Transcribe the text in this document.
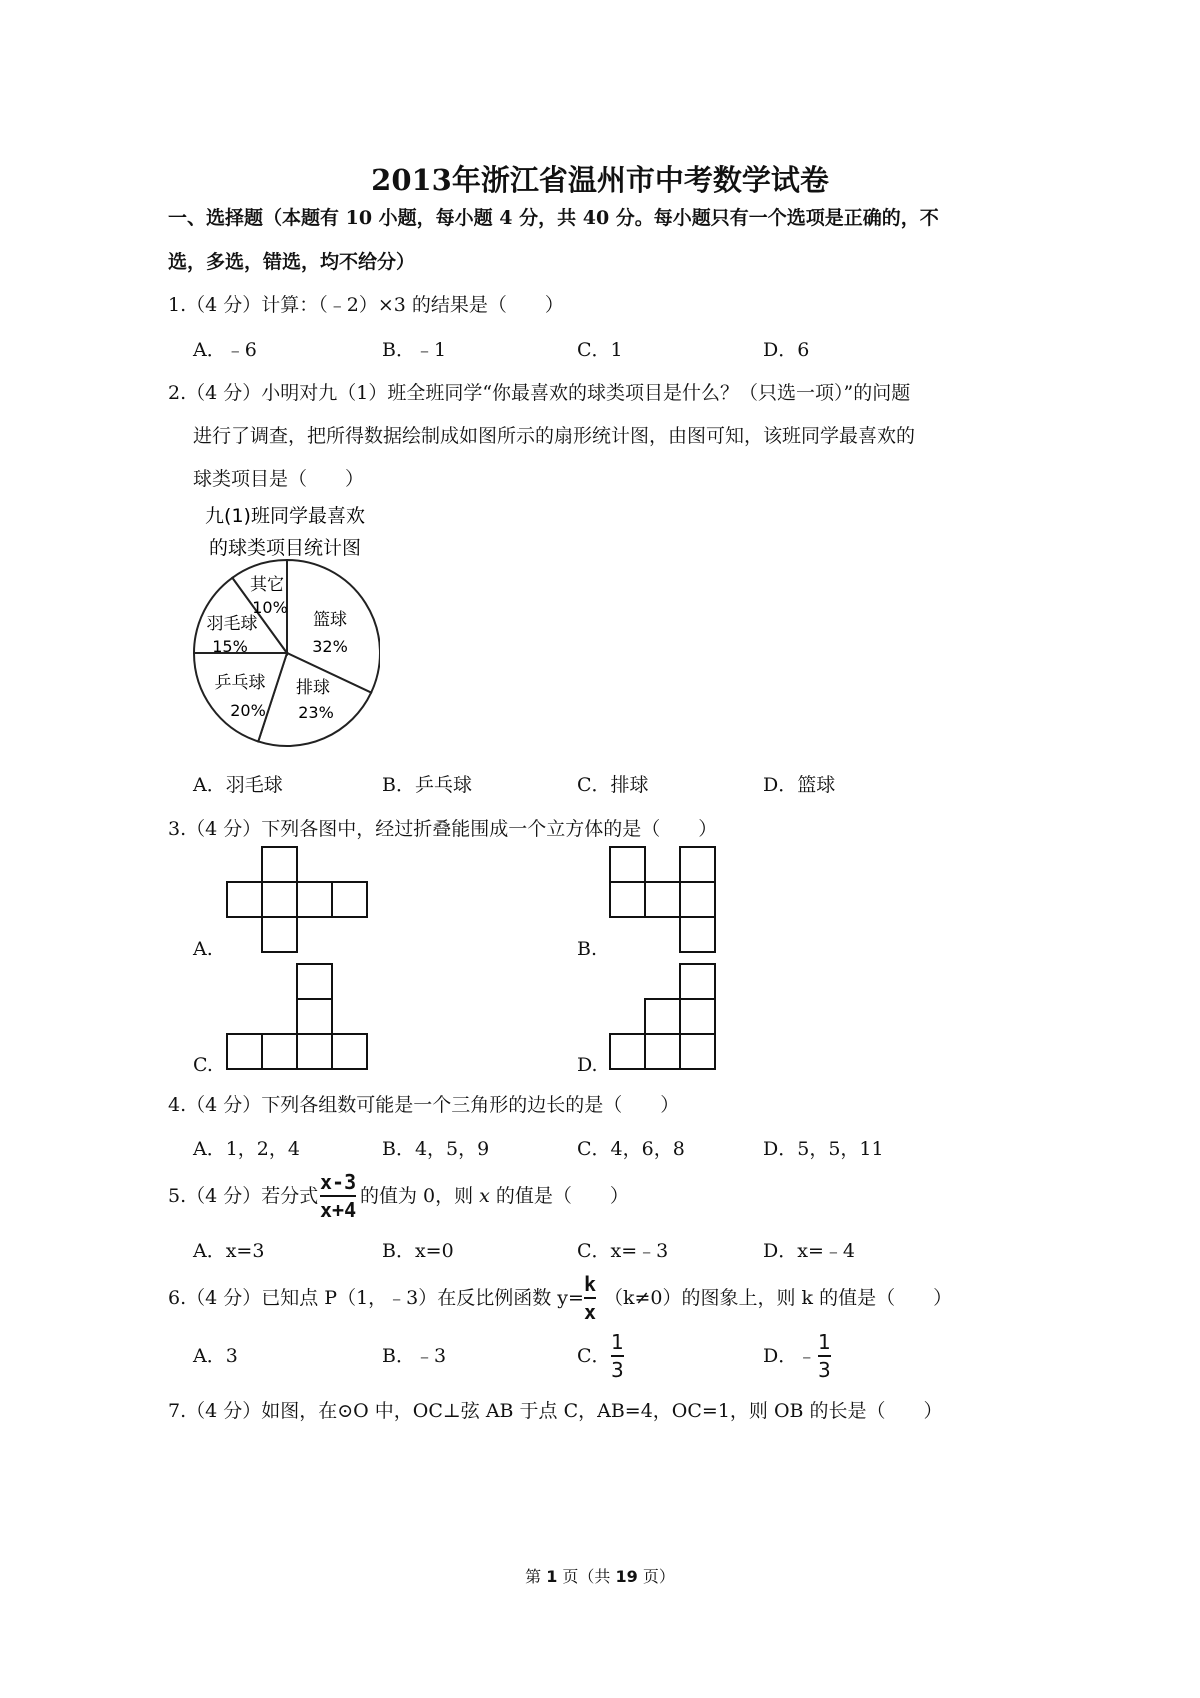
2013年浙江省温州市中考数学试卷
一、选择题（本题有 10 小题，每小题 4 分，共 40 分。每小题只有一个选项是正确的，不
选，多选，错选，均不给分）
1.（4 分）计算：（﹣2）×3 的结果是（　　）
A．﹣6	B．﹣1	C．1	D．6
2.（4 分）小明对九（1）班全班同学“你最喜欢的球类项目是什么？（只选一项）”的问题
进行了调查，把所得数据绘制成如图所示的扇形统计图，由图可知，该班同学最喜欢的
球类项目是（　　）
九(1)班同学最喜欢
的球类项目统计图
篮球
32%
排球
23%
乒乓球
20%
羽毛球
15%
其它
10%
A．羽毛球	B．乒乓球	C．排球	D．篮球
3.（4 分）下列各图中，经过折叠能围成一个立方体的是（　　）
A.	B.
C.	D.
4.（4 分）下列各组数可能是一个三角形的边长的是（　　）
A．1，2，4	B．4，5，9	C．4，6，8	D．5，5，11
5.（4 分）若分式
x-3
x+4
的值为 0，则 x 的值是（　　）
A．x=3	B．x=0	C．x=﹣3	D．x=﹣4
6.（4 分）已知点 P（1，﹣3）在反比例函数 y=
k
x
（k≠0）的图象上，则 k 的值是（　　）
A．3	B．﹣3	C．
1
3
D．﹣
1
3
7.（4 分）如图，在⊙O 中，OC⊥弦 AB 于点 C，AB=4，OC=1，则 OB 的长是（　　）
第 1 页（共 19 页）
